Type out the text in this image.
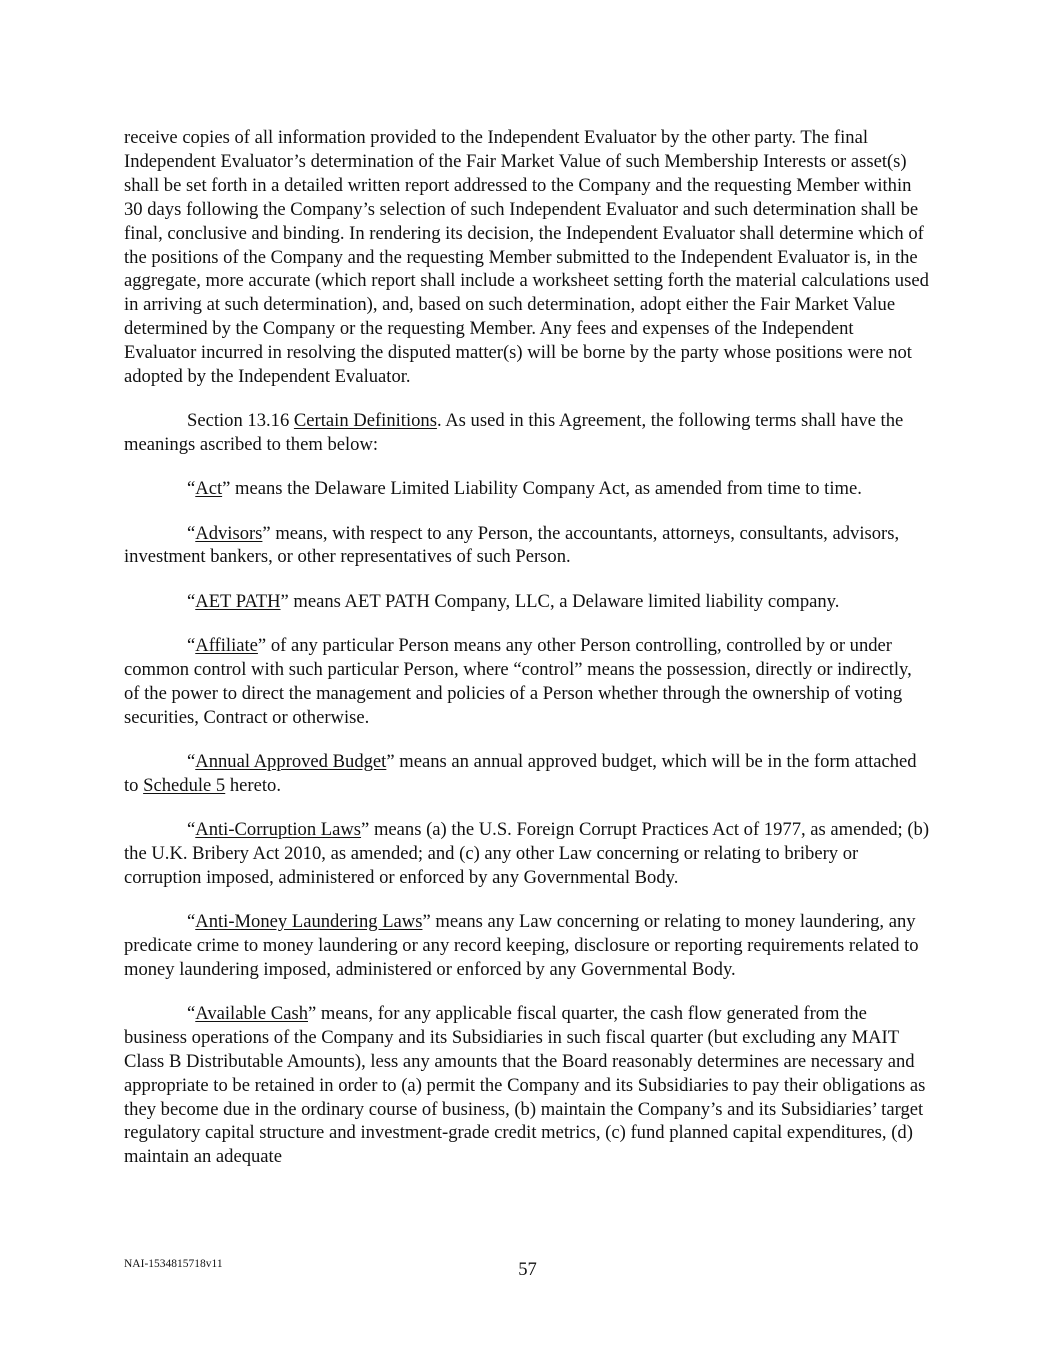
receive copies of all information provided to the Independent Evaluator by the other party. The final Independent Evaluator’s determination of the Fair Market Value of such Membership Interests or asset(s) shall be set forth in a detailed written report addressed to the Company and the requesting Member within 30 days following the Company’s selection of such Independent Evaluator and such determination shall be final, conclusive and binding. In rendering its decision, the Independent Evaluator shall determine which of the positions of the Company and the requesting Member submitted to the Independent Evaluator is, in the aggregate, more accurate (which report shall include a worksheet setting forth the material calculations used in arriving at such determination), and, based on such determination, adopt either the Fair Market Value determined by the Company or the requesting Member. Any fees and expenses of the Independent Evaluator incurred in resolving the disputed matter(s) will be borne by the party whose positions were not adopted by the Independent Evaluator.

Section 13.16 Certain Definitions. As used in this Agreement, the following terms shall have the meanings ascribed to them below:

“Act” means the Delaware Limited Liability Company Act, as amended from time to time.

“Advisors” means, with respect to any Person, the accountants, attorneys, consultants, advisors, investment bankers, or other representatives of such Person.

“AET PATH” means AET PATH Company, LLC, a Delaware limited liability company.

“Affiliate” of any particular Person means any other Person controlling, controlled by or under common control with such particular Person, where “control” means the possession, directly or indirectly, of the power to direct the management and policies of a Person whether through the ownership of voting securities, Contract or otherwise.

“Annual Approved Budget” means an annual approved budget, which will be in the form attached to Schedule 5 hereto.

“Anti-Corruption Laws” means (a) the U.S. Foreign Corrupt Practices Act of 1977, as amended; (b) the U.K. Bribery Act 2010, as amended; and (c) any other Law concerning or relating to bribery or corruption imposed, administered or enforced by any Governmental Body.

“Anti-Money Laundering Laws” means any Law concerning or relating to money laundering, any predicate crime to money laundering or any record keeping, disclosure or reporting requirements related to money laundering imposed, administered or enforced by any Governmental Body.

“Available Cash” means, for any applicable fiscal quarter, the cash flow generated from the business operations of the Company and its Subsidiaries in such fiscal quarter (but excluding any MAIT Class B Distributable Amounts), less any amounts that the Board reasonably determines are necessary and appropriate to be retained in order to (a) permit the Company and its Subsidiaries to pay their obligations as they become due in the ordinary course of business, (b) maintain the Company’s and its Subsidiaries’ target regulatory capital structure and investment-grade credit metrics, (c) fund planned capital expenditures, (d) maintain an adequate

NAI-1534815718v11	57
